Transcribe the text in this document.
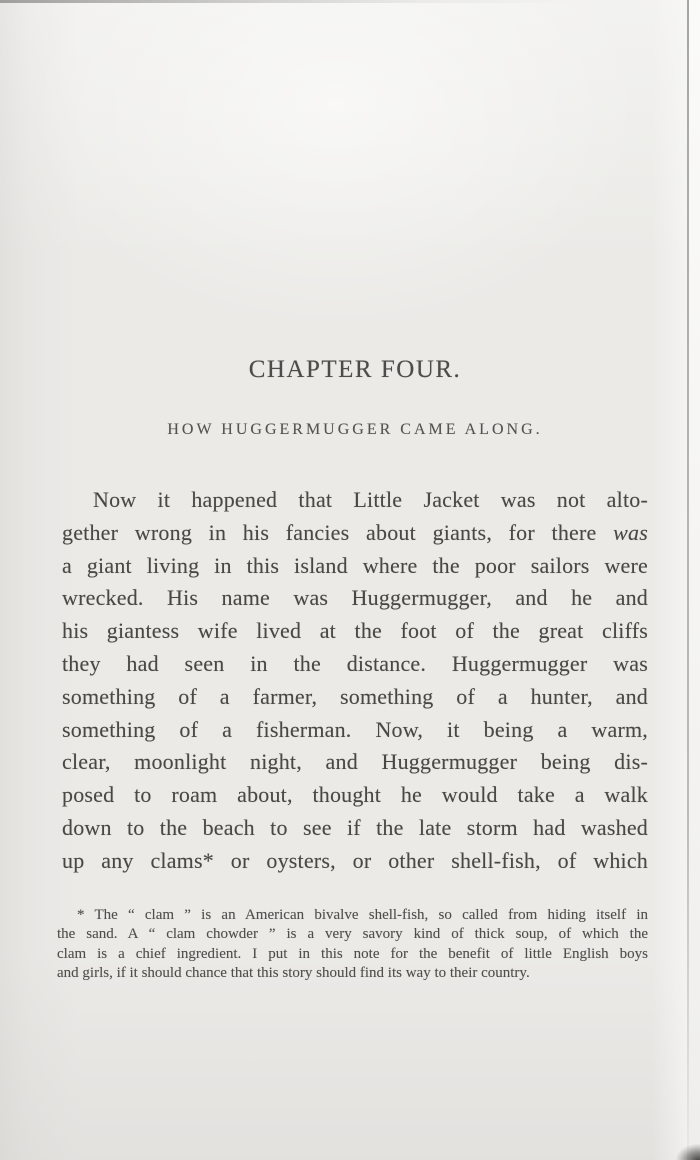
CHAPTER FOUR.
HOW HUGGERMUGGER CAME ALONG.
Now it happened that Little Jacket was not alto-
gether wrong in his fancies about giants, for there was
a giant living in this island where the poor sailors were
wrecked. His name was Huggermugger, and he and
his giantess wife lived at the foot of the great cliffs
they had seen in the distance. Huggermugger was
something of a farmer, something of a hunter, and
something of a fisherman. Now, it being a warm,
clear, moonlight night, and Huggermugger being dis-
posed to roam about, thought he would take a walk
down to the beach to see if the late storm had washed
up any clams* or oysters, or other shell-fish, of which
* The “ clam ” is an American bivalve shell-fish, so called from hiding itself in
the sand. A “ clam chowder ” is a very savory kind of thick soup, of which the
clam is a chief ingredient. I put in this note for the benefit of little English boys
and girls, if it should chance that this story should find its way to their country.
